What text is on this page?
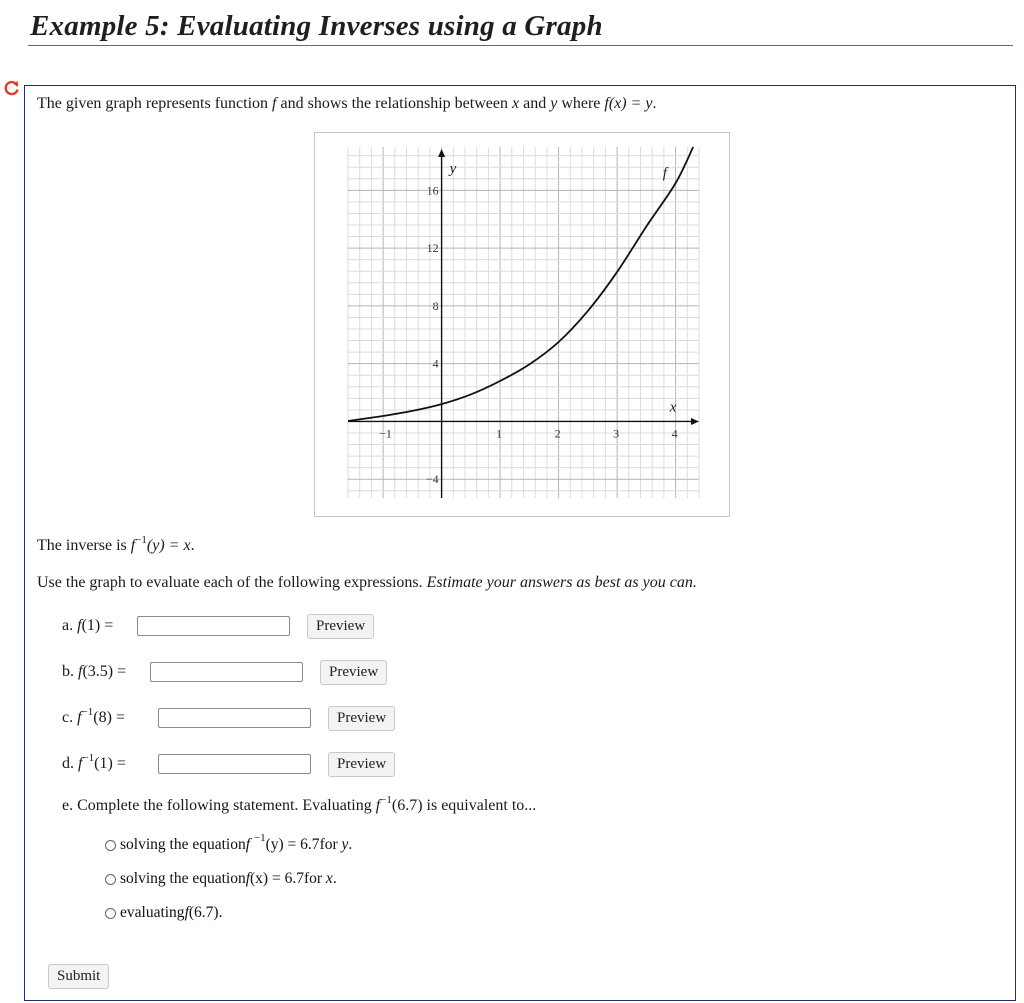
Example 5: Evaluating Inverses using a Graph
The given graph represents function f and shows the relationship between x and y where f(x) = y.
−1	1	2	3	4
−4
4
8
12
16
y
x
f
The inverse is $f^{-1}(y) = x$.
Use the graph to evaluate each of the following expressions. Estimate your answers as best as you can.
a. f(1) =	Preview
b. f(3.5) =	Preview
c. $f^{-1}(8)$ =	Preview
d. $f^{-1}(1)$ =	Preview
e. Complete the following statement. Evaluating $f^{-1}(6.7)$ is equivalent to...
solving the equation f
−1 (y) = 6.7 for
y .
solving the equation f (x) = 6.7 for
x .
evaluating f (6.7) .
Submit
